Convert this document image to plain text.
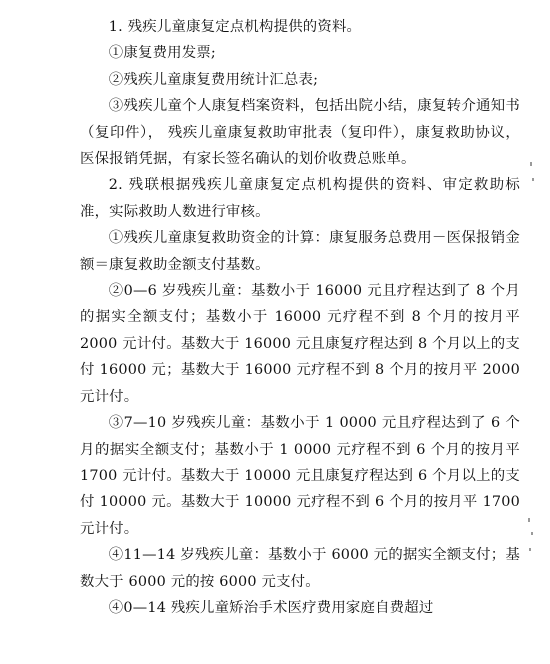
1. 残疾儿童康复定点机构提供的资料。

①康复费用发票;

②残疾儿童康复费用统计汇总表;

③残疾儿童个人康复档案资料，包括出院小结，康复转介通知书（复印件）， 残疾儿童康复救助审批表（复印件），康复救助协议，医保报销凭据，有家长签名确认的划价收费总账单。

2. 残联根据残疾儿童康复定点机构提供的资料、审定救助标准，实际救助人数进行审核。

①残疾儿童康复救助资金的计算：康复服务总费用－医保报销金额＝康复救助金额支付基数。

②0—6 岁残疾儿童：基数小于 16000 元且疗程达到了 8 个月的据实全额支付；基数小于 16000 元疗程不到 8 个月的按月平 2000 元计付。基数大于 16000 元且康复疗程达到 8 个月以上的支付 16000 元；基数大于 16000 元疗程不到 8 个月的按月平 2000 元计付。

③7—10 岁残疾儿童：基数小于 1 0000 元且疗程达到了 6 个月的据实全额支付；基数小于 1 0000 元疗程不到 6 个月的按月平 1700 元计付。基数大于 10000 元且康复疗程达到 6 个月以上的支付 10000 元。基数大于 10000 元疗程不到 6 个月的按月平 1700 元计付。

④11—14 岁残疾儿童：基数小于 6000 元的据实全额支付；基数大于 6000 元的按 6000 元支付。

④0—14 残疾儿童矫治手术医疗费用家庭自费超过
